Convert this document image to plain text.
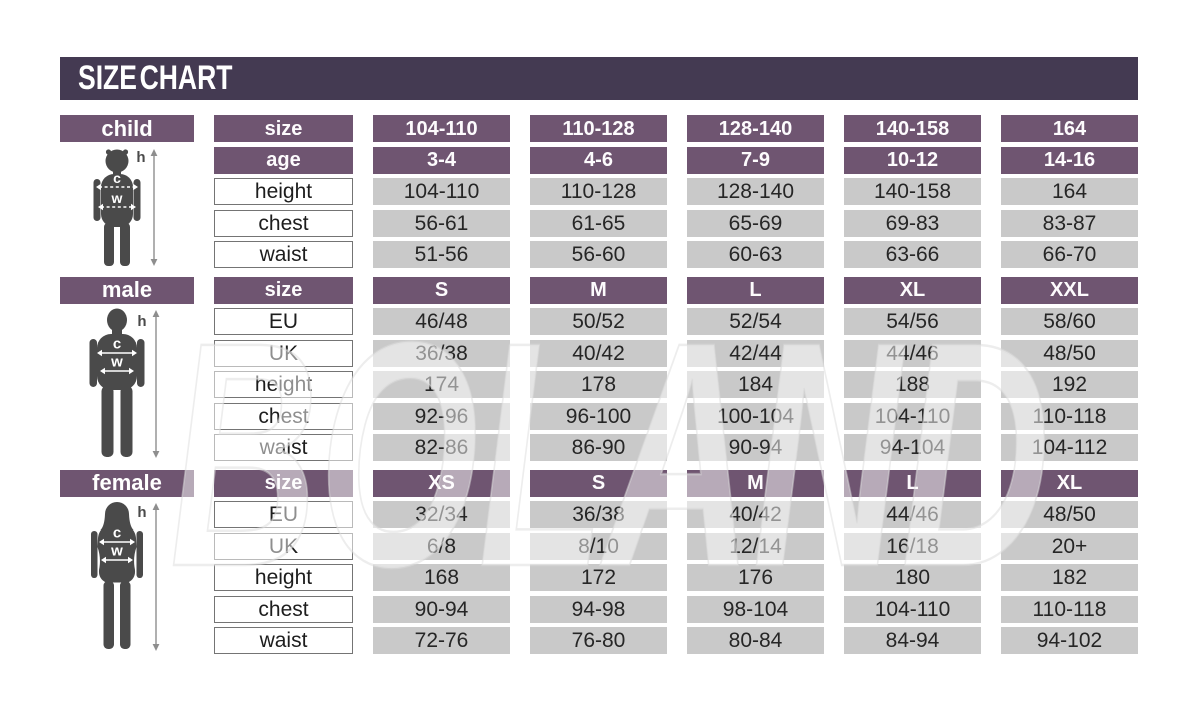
SIZE CHART
child
c
w
h
size	104-110	110-128	128-140	140-158	164
age	3-4	4-6	7-9	10-12	14-16
height	104-110	110-128	128-140	140-158	164
chest	56-61	61-65	65-69	69-83	83-87
waist	51-56	56-60	60-63	63-66	66-70
male
c
w
h
size	S	M	L	XL	XXL
EU	46/48	50/52	52/54	54/56	58/60
UK	36/38	40/42	42/44	44/46	48/50
height	174	178	184	188	192
chest	92-96	96-100	100-104	104-110	110-118
waist	82-86	86-90	90-94	94-104	104-112
female
c
w
h
size	XS	S	M	L	XL
EU	32/34	36/38	40/42	44/46	48/50
UK	6/8	8/10	12/14	16/18	20+
height	168	172	176	180	182
chest	90-94	94-98	98-104	104-110	110-118
waist	72-76	76-80	80-84	84-94	94-102
BOLAND
